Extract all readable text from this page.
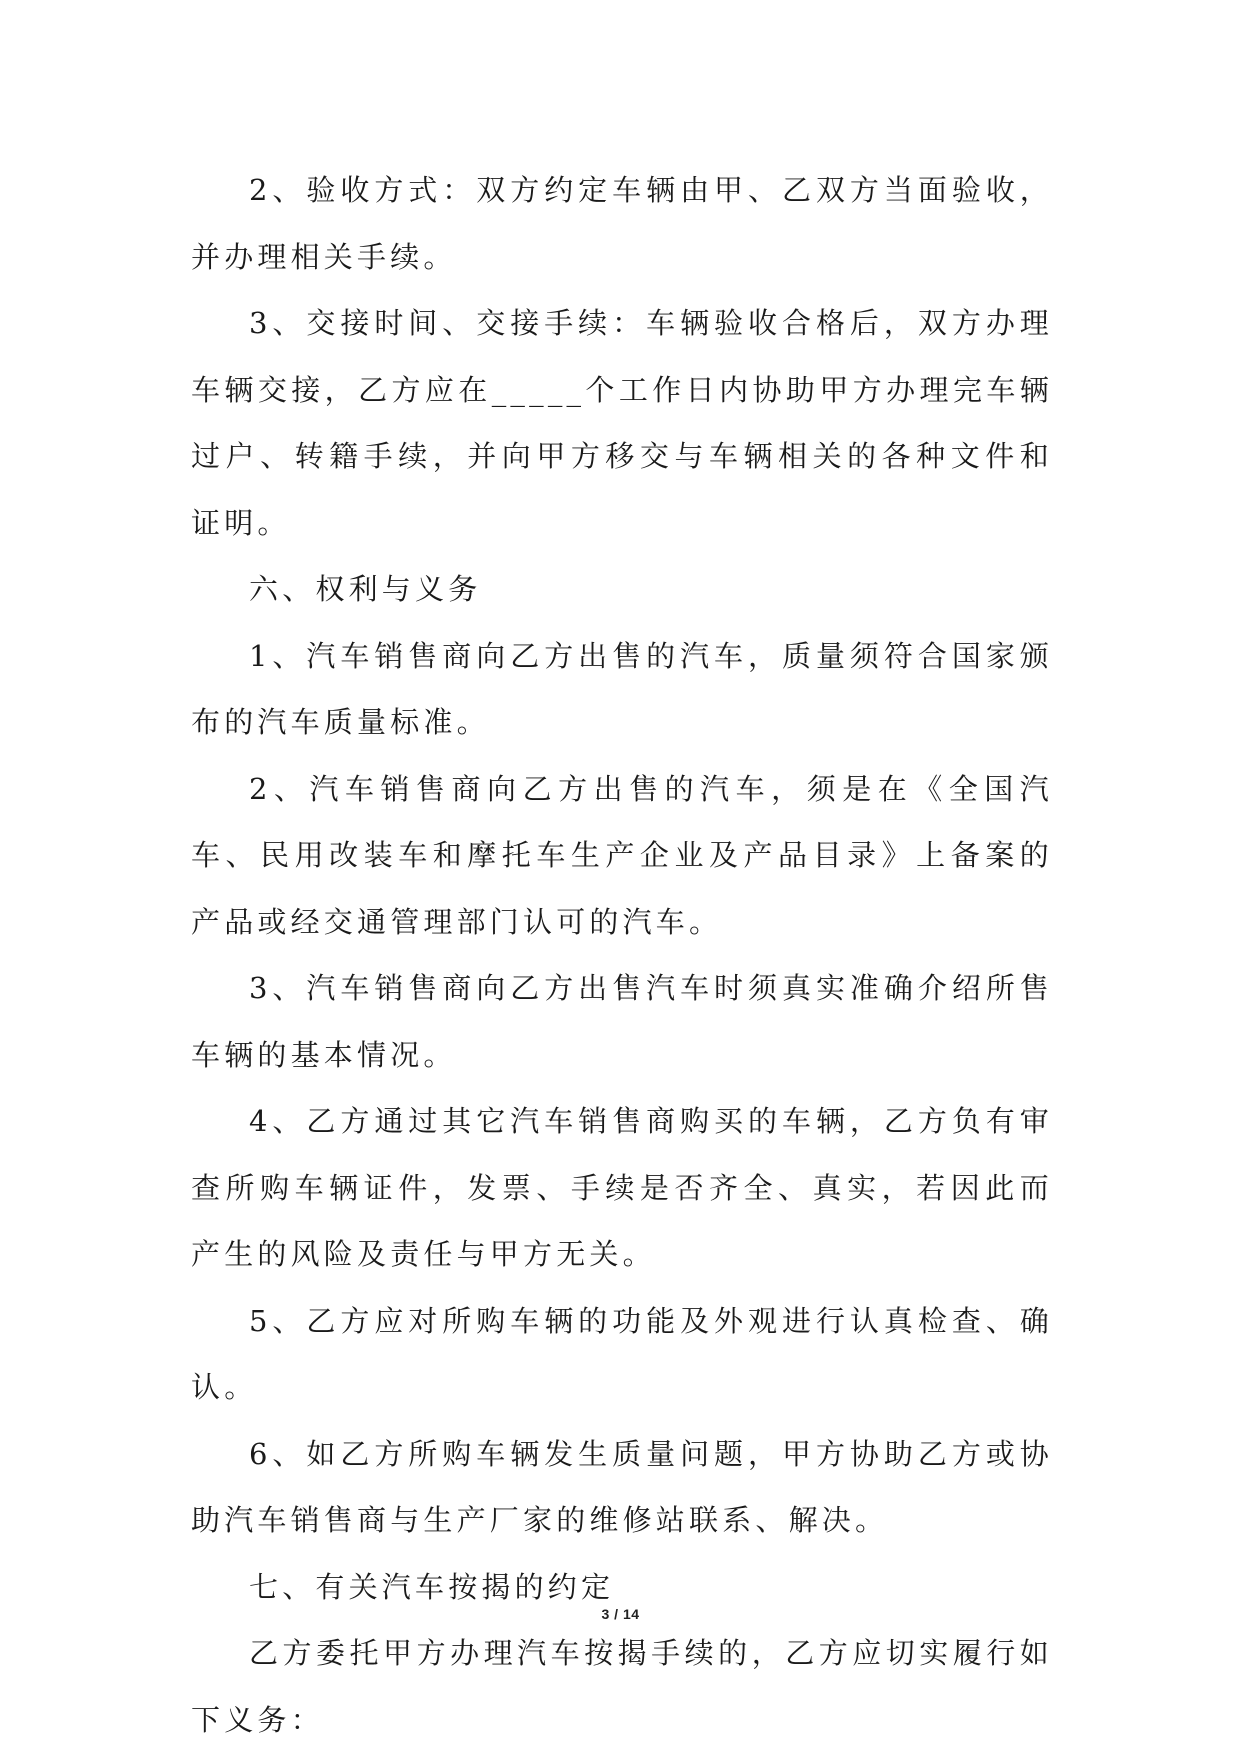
2、验收方式：双方约定车辆由甲、乙双方当面验收，并办理相关手续。

3、交接时间、交接手续：车辆验收合格后，双方办理车辆交接，乙方应在_____个工作日内协助甲方办理完车辆过户、转籍手续，并向甲方移交与车辆相关的各种文件和证明。

六、权利与义务

1、汽车销售商向乙方出售的汽车，质量须符合国家颁布的汽车质量标准。

2、汽车销售商向乙方出售的汽车，须是在《全国汽车、民用改装车和摩托车生产企业及产品目录》上备案的产品或经交通管理部门认可的汽车。

3、汽车销售商向乙方出售汽车时须真实准确介绍所售车辆的基本情况。

4、乙方通过其它汽车销售商购买的车辆，乙方负有审查所购车辆证件，发票、手续是否齐全、真实，若因此而产生的风险及责任与甲方无关。

5、乙方应对所购车辆的功能及外观进行认真检查、确认。

6、如乙方所购车辆发生质量问题，甲方协助乙方或协助汽车销售商与生产厂家的维修站联系、解决。

七、有关汽车按揭的约定

乙方委托甲方办理汽车按揭手续的，乙方应切实履行如下义务：

3 / 14
